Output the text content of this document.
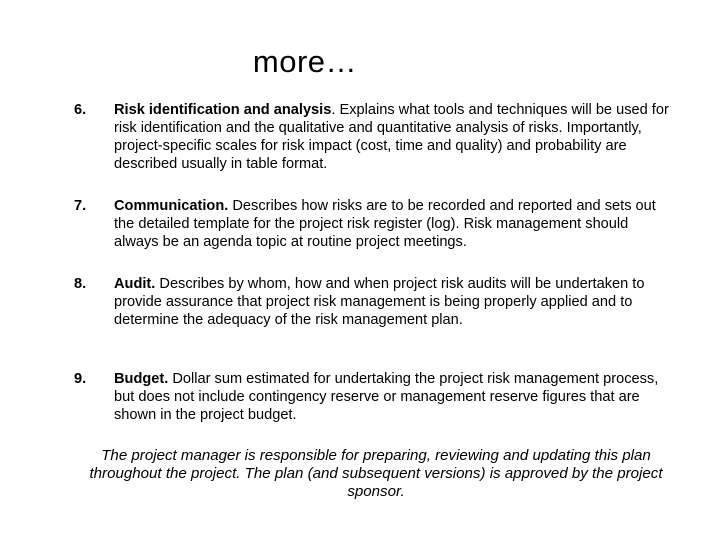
more…
6. Risk identification and analysis. Explains what tools and techniques will be used for risk identification and the qualitative and quantitative analysis of risks. Importantly, project-specific scales for risk impact (cost, time and quality) and probability are described usually in table format.
7. Communication. Describes how risks are to be recorded and reported and sets out the detailed template for the project risk register (log). Risk management should always be an agenda topic at routine project meetings.
8. Audit. Describes by whom, how and when project risk audits will be undertaken to provide assurance that project risk management is being properly applied and to determine the adequacy of the risk management plan.
9. Budget. Dollar sum estimated for undertaking the project risk management process, but does not include contingency reserve or management reserve figures that are shown in the project budget.
The project manager is responsible for preparing, reviewing and updating this plan throughout the project. The plan (and subsequent versions) is approved by the project sponsor.
